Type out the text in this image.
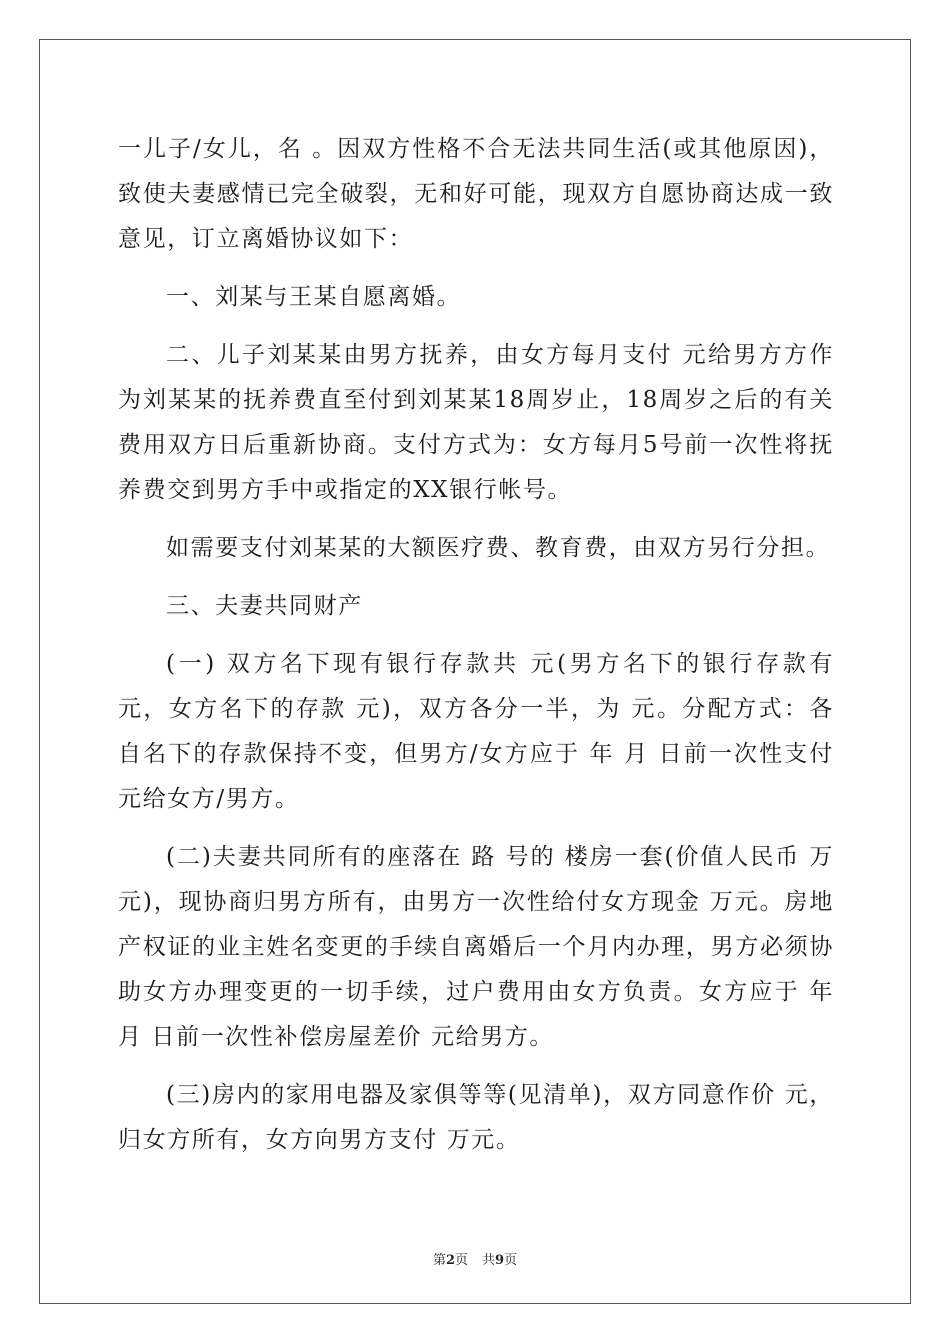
一儿子/女儿，名 。因双方性格不合无法共同生活(或其他原因)，致使夫妻感情已完全破裂，无和好可能，现双方自愿协商达成一致意见，订立离婚协议如下：

一、刘某与王某自愿离婚。

二、儿子刘某某由男方抚养，由女方每月支付 元给男方方作为刘某某的抚养费直至付到刘某某18周岁止，18周岁之后的有关费用双方日后重新协商。支付方式为：女方每月5号前一次性将抚养费交到男方手中或指定的XX银行帐号。

如需要支付刘某某的大额医疗费、教育费，由双方另行分担。

三、夫妻共同财产

(一) 双方名下现有银行存款共 元(男方名下的银行存款有 元，女方名下的存款 元)，双方各分一半，为 元。分配方式：各自名下的存款保持不变，但男方/女方应于 年 月 日前一次性支付 元给女方/男方。

(二)夫妻共同所有的座落在 路 号的 楼房一套(价值人民币 万元)，现协商归男方所有，由男方一次性给付女方现金 万元。房地产权证的业主姓名变更的手续自离婚后一个月内办理，男方必须协助女方办理变更的一切手续，过户费用由女方负责。女方应于 年 月 日前一次性补偿房屋差价 元给男方。

(三)房内的家用电器及家俱等等(见清单)，双方同意作价 元，归女方所有，女方向男方支付 万元。

第2页 共9页
